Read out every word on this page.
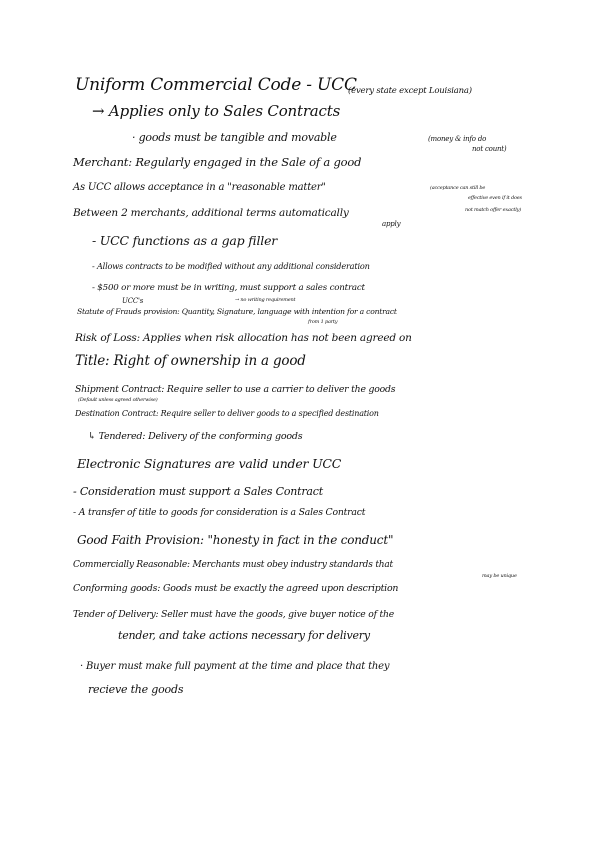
Uniform Commercial Code - UCC
(every state except Louisiana)
→ Applies only to Sales Contracts
· goods must be tangible and movable	(money & info do
not count)
Merchant: Regularly engaged in the Sale of a good
As UCC allows acceptance in a "reasonable matter"	(acceptance can still be
effective even if it does
not match offer exactly)
Between 2 merchants, additional terms automatically
apply
- UCC functions as a gap filler
- Allows contracts to be modified without any additional consideration
- $500 or more must be in writing, must support a sales contract
UCC's	→ no writing requirement
Statute of Frauds provision: Quantity, Signature, language with intention for a contract
from 1 party
Risk of Loss: Applies when risk allocation has not been agreed on
Title: Right of ownership in a good
Shipment Contract: Require seller to use a carrier to deliver the goods
(Default unless agreed otherwise)
Destination Contract: Require seller to deliver goods to a specified destination
↳ Tendered: Delivery of the conforming goods
Electronic Signatures are valid under UCC
- Consideration must support a Sales Contract
- A transfer of title to goods for consideration is a Sales Contract
Good Faith Provision: "honesty in fact in the conduct"
Commercially Reasonable: Merchants must obey industry standards that
may be unique
Conforming goods: Goods must be exactly the agreed upon description
Tender of Delivery: Seller must have the goods, give buyer notice of the
tender, and take actions necessary for delivery
· Buyer must make full payment at the time and place that they
recieve the goods
